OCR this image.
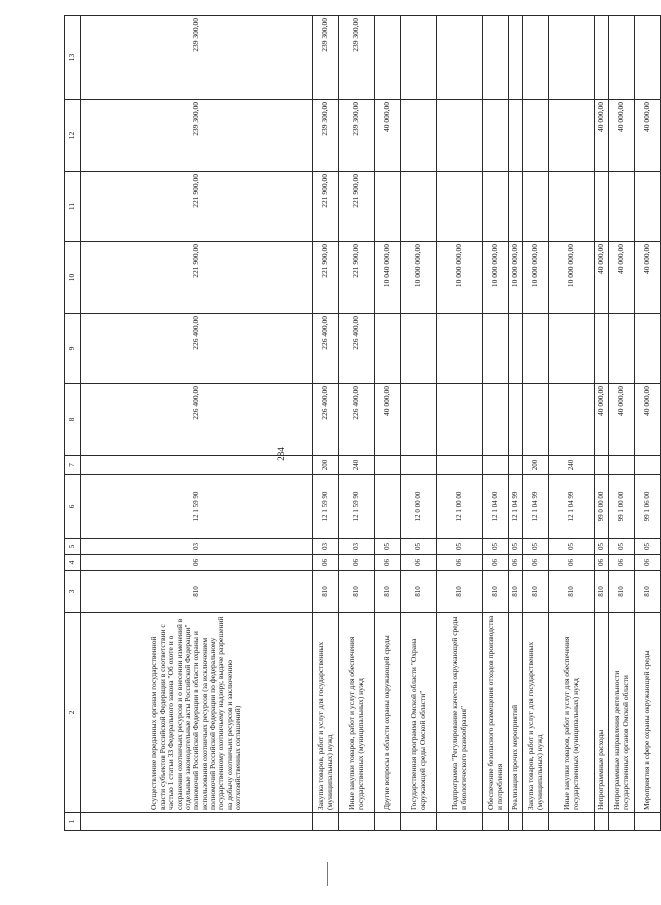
284
1	2	3	4	5	6	7	8	9	10	11	12	13
	Осуществление переданных органам государственной власти субъектов Российской Федерации в соответствии с частью 1 статьи 33 Федерального закона "Об охоте и о сохранении охотничьих ресурсов и о внесении изменений в отдельные законодательные акты Российской Федерации" полномочий Российской Федерации в области охраны и использования охотничьих ресурсов (за исключением полномочий Российской Федерации по федеральному государственному охотничьему надзору, выдаче разрешений на добычу охотничьих ресурсов и заключению охотхозяйственных соглашений)	810	06	03	12 1 59 90		226 400,00	226 400,00	221 900,00	221 900,00	239 300,00	239 300,00
	Закупка товаров, работ и услуг для государственных (муниципальных) нужд	810	06	03	12 1 59 90	200	226 400,00	226 400,00	221 900,00	221 900,00	239 300,00	239 300,00
	Иные закупки товаров, работ и услуг для обеспечения государственных (муниципальных) нужд	810	06	03	12 1 59 90	240	226 400,00	226 400,00	221 900,00	221 900,00	239 300,00	239 300,00
	Другие вопросы в области охраны окружающей среды	810	06	05			40 000,00		10 040 000,00		40 000,00	
	Государственная программа Омской области "Охрана окружающей среды Омской области"	810	06	05	12 0 00 00				10 000 000,00			
	Подпрограмма "Регулирование качества окружающей среды и биологического разнообразия"	810	06	05	12 1 00 00				10 000 000,00			
	Обеспечение безопасного размещения отходов производства и потребления	810	06	05	12 1 04 00				10 000 000,00			
	Реализация прочих мероприятий	810	06	05	12 1 04 99				10 000 000,00			
	Закупка товаров, работ и услуг для государственных (муниципальных) нужд	810	06	05	12 1 04 99	200			10 000 000,00			
	Иные закупки товаров, работ и услуг для обеспечения государственных (муниципальных) нужд	810	06	05	12 1 04 99	240			10 000 000,00			
	Непрограммные расходы	810	06	05	99 0 00 00		40 000,00		40 000,00		40 000,00	
	Непрограммные направления деятельности государственных органов Омской области	810	06	05	99 1 00 00		40 000,00		40 000,00		40 000,00	
	Мероприятия в сфере охраны окружающей среды	810	06	05	99 1 06 00		40 000,00		40 000,00		40 000,00	
